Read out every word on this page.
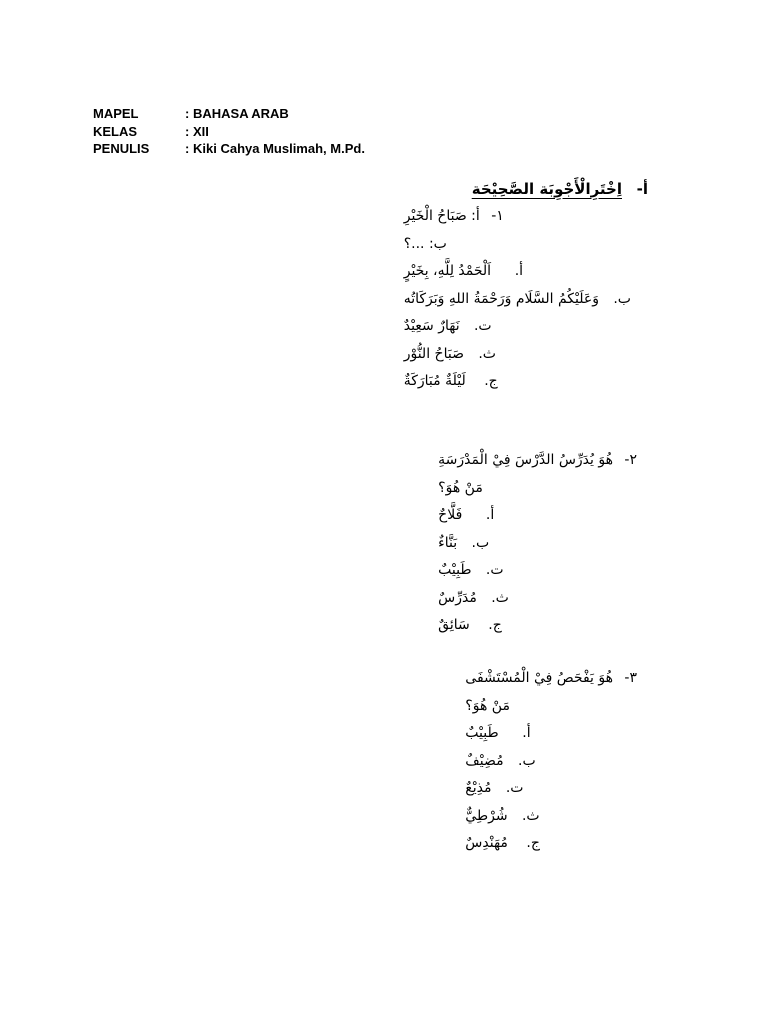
MAPEL	: BAHASA ARAB
KELAS	: XII
PENULIS	: Kiki Cahya Muslimah, M.Pd.
أ-
اِخْتَرِالْأَجْوِبَة الصَّحِيْحَة
١-
أ: صَبَاحُ الْخَيْرِ
ب: ...؟
أ.
اَلْحَمْدُ لِلَّهِ، بِخَيْرٍ
ب.
وَعَلَيْكُمُ السَّلَام وَرَحْمَةُ اللهِ وَبَرَكَاتُه
ت.
نَهَارٌ سَعِيْدٌ
ث.
صَبَاحُ النُّوْر
ج.
لَيْلَةٌ مُبَارَكَةٌ
٢-
هُوَ يُدَرِّسُ الدَّرْسَ فِيْ الْمَدْرَسَةِ
مَنْ هُوَ؟
أ.
فَلَّاحٌ
ب.
بَنَّاءٌ
ت.
طَبِيْبٌ
ث.
مُدَرِّسٌ
ج.
سَائِقٌ
٣-
هُوَ يَفْحَصُ فِيْ الْمُسْتَشْفَى
مَنْ هُوَ؟
أ.
طَبِيْبٌ
ب.
مُضِيْفٌ
ت.
مُذِيْعٌ
ث.
شُرْطِيٌّ
ج.
مُهَنْدِسٌ
